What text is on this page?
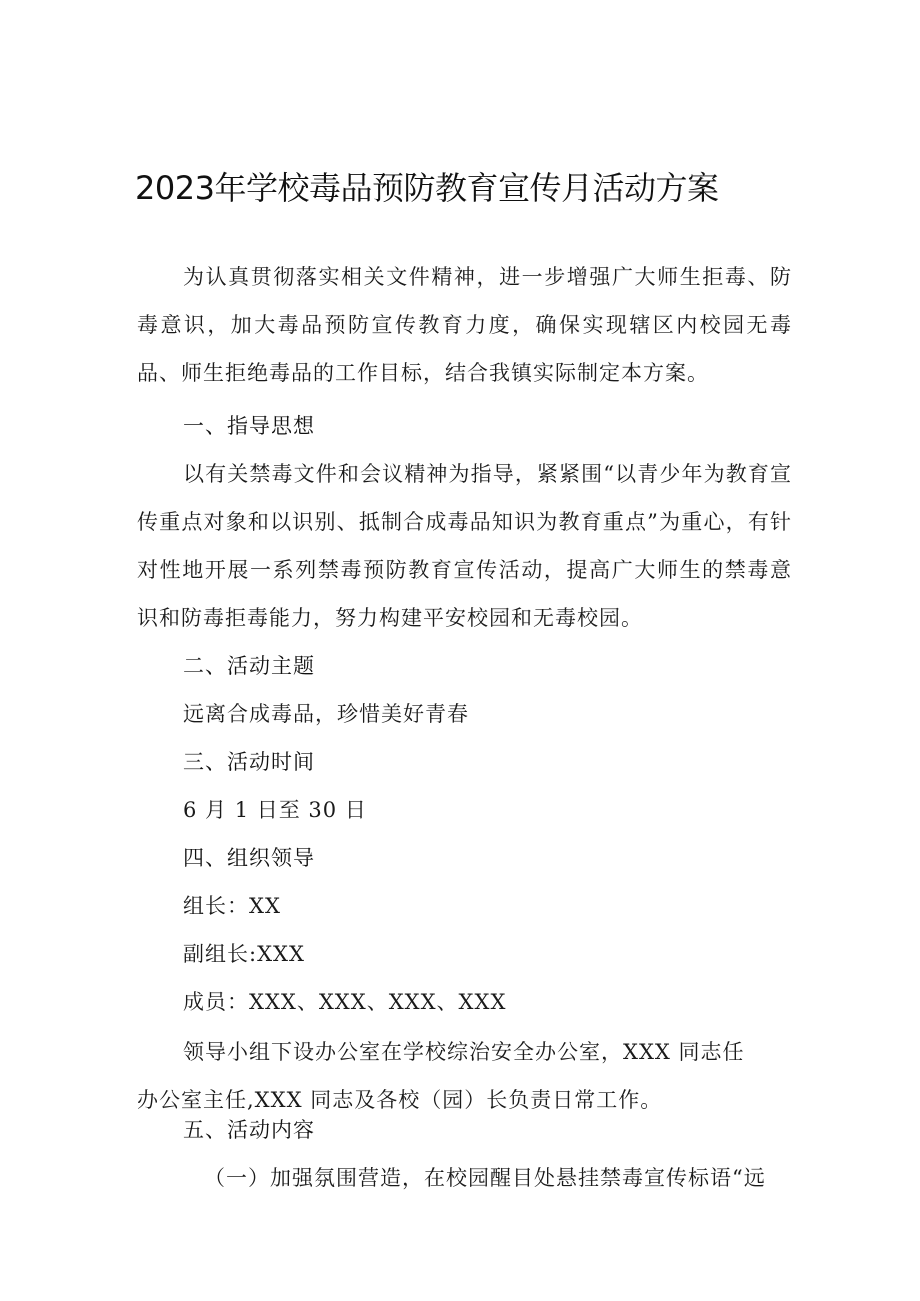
2023年学校毒品预防教育宣传月活动方案

为认真贯彻落实相关文件精神，进一步增强广大师生拒毒、防毒意识，加大毒品预防宣传教育力度，确保实现辖区内校园无毒品、师生拒绝毒品的工作目标，结合我镇实际制定本方案。

一、指导思想

以有关禁毒文件和会议精神为指导，紧紧围“以青少年为教育宣传重点对象和以识别、抵制合成毒品知识为教育重点”为重心，有针对性地开展一系列禁毒预防教育宣传活动，提高广大师生的禁毒意识和防毒拒毒能力，努力构建平安校园和无毒校园。

二、活动主题
远离合成毒品，珍惜美好青春
三、活动时间
6 月 1 日至 30 日
四、组织领导
组长：XX
副组长:XXX
成员：XXX、XXX、XXX、XXX

领导小组下设办公室在学校综治安全办公室，XXX 同志任办公室主任,XXX 同志及各校（园）长负责日常工作。

五、活动内容
（一）加强氛围营造，在校园醒目处悬挂禁毒宣传标语“远
